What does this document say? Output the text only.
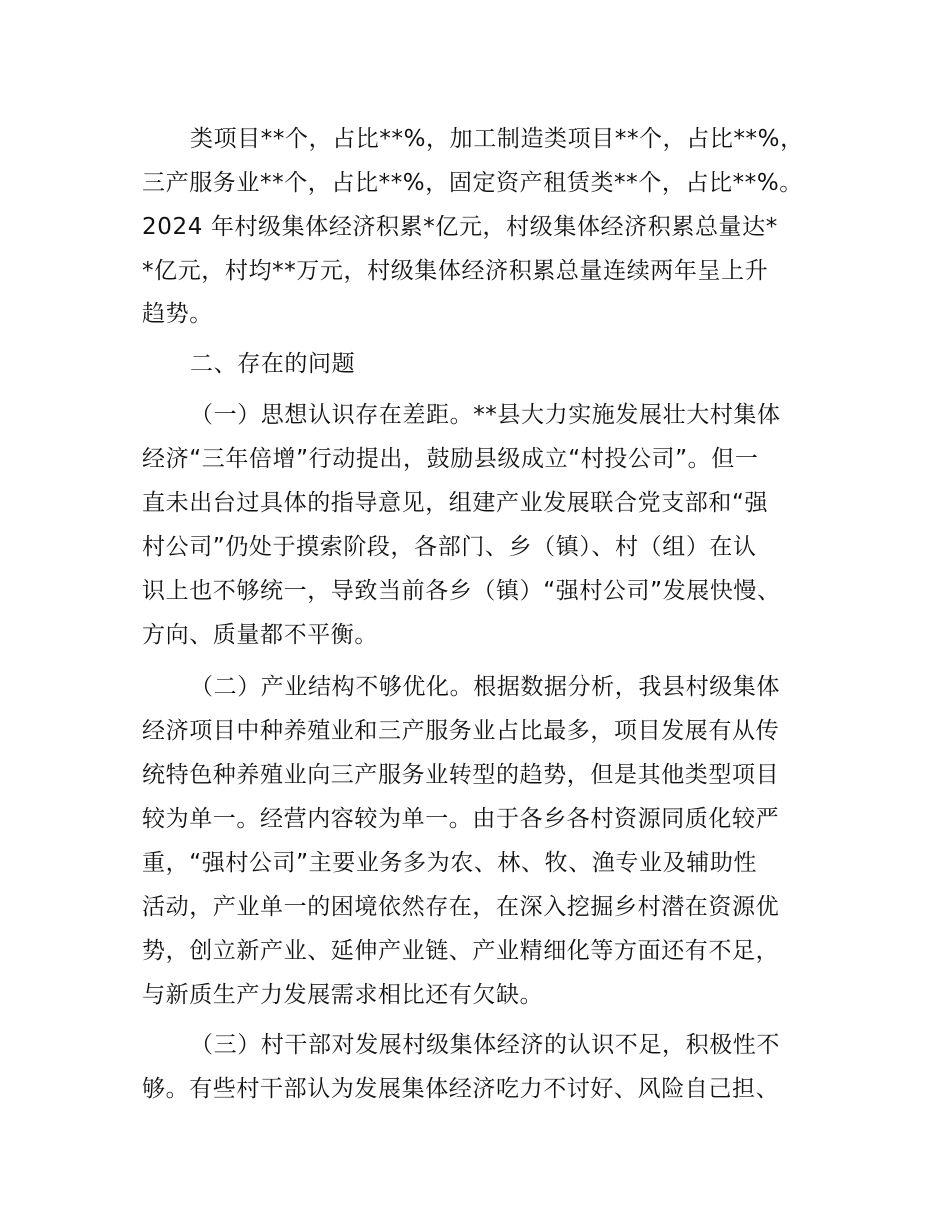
类项目**个，占比**%，加工制造类项目**个，占比**%，

三产服务业**个，占比**%，固定资产租赁类**个，占比**%。

2024 年村级集体经济积累*亿元，村级集体经济积累总量达*

*亿元，村均**万元，村级集体经济积累总量连续两年呈上升

趋势。

二、存在的问题

（一）思想认识存在差距。**县大力实施发展壮大村集体

经济“三年倍增”行动提出，鼓励县级成立“村投公司”。但一

直未出台过具体的指导意见，组建产业发展联合党支部和“强

村公司”仍处于摸索阶段，各部门、乡（镇）、村（组）在认

识上也不够统一，导致当前各乡（镇）“强村公司”发展快慢、

方向、质量都不平衡。

（二）产业结构不够优化。根据数据分析，我县村级集体

经济项目中种养殖业和三产服务业占比最多，项目发展有从传

统特色种养殖业向三产服务业转型的趋势，但是其他类型项目

较为单一。经营内容较为单一。由于各乡各村资源同质化较严

重，“强村公司”主要业务多为农、林、牧、渔专业及辅助性

活动，产业单一的困境依然存在，在深入挖掘乡村潜在资源优

势，创立新产业、延伸产业链、产业精细化等方面还有不足，

与新质生产力发展需求相比还有欠缺。

（三）村干部对发展村级集体经济的认识不足，积极性不

够。有些村干部认为发展集体经济吃力不讨好、风险自己担、
